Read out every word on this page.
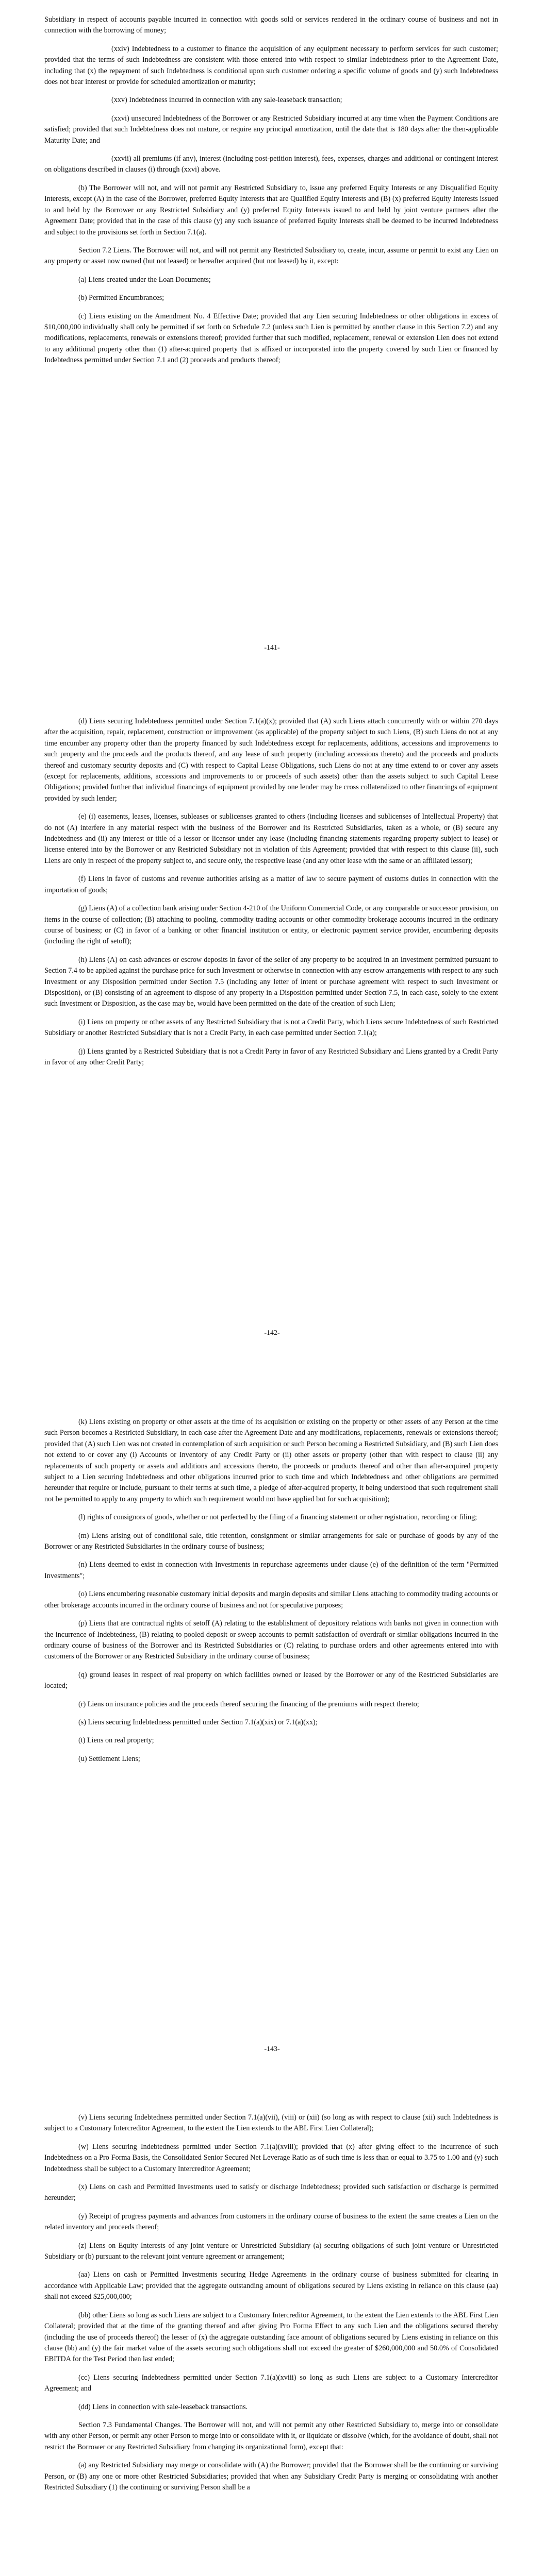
Subsidiary in respect of accounts payable incurred in connection with goods sold or services rendered in the ordinary course of business and not in connection with the borrowing of money;

(xxiv) Indebtedness to a customer to finance the acquisition of any equipment necessary to perform services for such customer; provided that the terms of such Indebtedness are consistent with those entered into with respect to similar Indebtedness prior to the Agreement Date, including that (x) the repayment of such Indebtedness is conditional upon such customer ordering a specific volume of goods and (y) such Indebtedness does not bear interest or provide for scheduled amortization or maturity;

(xxv) Indebtedness incurred in connection with any sale-leaseback transaction;

(xxvi) unsecured Indebtedness of the Borrower or any Restricted Subsidiary incurred at any time when the Payment Conditions are satisfied; provided that such Indebtedness does not mature, or require any principal amortization, until the date that is 180 days after the then-applicable Maturity Date; and

(xxvii) all premiums (if any), interest (including post-petition interest), fees, expenses, charges and additional or contingent interest on obligations described in clauses (i) through (xxvi) above.

(b) The Borrower will not, and will not permit any Restricted Subsidiary to, issue any preferred Equity Interests or any Disqualified Equity Interests, except (A) in the case of the Borrower, preferred Equity Interests that are Qualified Equity Interests and (B) (x) preferred Equity Interests issued to and held by the Borrower or any Restricted Subsidiary and (y) preferred Equity Interests issued to and held by joint venture partners after the Agreement Date; provided that in the case of this clause (y) any such issuance of preferred Equity Interests shall be deemed to be incurred Indebtedness and subject to the provisions set forth in Section 7.1(a).

Section 7.2 Liens. The Borrower will not, and will not permit any Restricted Subsidiary to, create, incur, assume or permit to exist any Lien on any property or asset now owned (but not leased) or hereafter acquired (but not leased) by it, except:

(a) Liens created under the Loan Documents;

(b) Permitted Encumbrances;

(c) Liens existing on the Amendment No. 4 Effective Date; provided that any Lien securing Indebtedness or other obligations in excess of $10,000,000 individually shall only be permitted if set forth on Schedule 7.2 (unless such Lien is permitted by another clause in this Section 7.2) and any modifications, replacements, renewals or extensions thereof; provided further that such modified, replacement, renewal or extension Lien does not extend to any additional property other than (1) after-acquired property that is affixed or incorporated into the property covered by such Lien or financed by Indebtedness permitted under Section 7.1 and (2) proceeds and products thereof;

-141-

(d) Liens securing Indebtedness permitted under Section 7.1(a)(x); provided that (A) such Liens attach concurrently with or within 270 days after the acquisition, repair, replacement, construction or improvement (as applicable) of the property subject to such Liens, (B) such Liens do not at any time encumber any property other than the property financed by such Indebtedness except for replacements, additions, accessions and improvements to such property and the proceeds and the products thereof, and any lease of such property (including accessions thereto) and the proceeds and products thereof and customary security deposits and (C) with respect to Capital Lease Obligations, such Liens do not at any time extend to or cover any assets (except for replacements, additions, accessions and improvements to or proceeds of such assets) other than the assets subject to such Capital Lease Obligations; provided further that individual financings of equipment provided by one lender may be cross collateralized to other financings of equipment provided by such lender;

(e) (i) easements, leases, licenses, subleases or sublicenses granted to others (including licenses and sublicenses of Intellectual Property) that do not (A) interfere in any material respect with the business of the Borrower and its Restricted Subsidiaries, taken as a whole, or (B) secure any Indebtedness and (ii) any interest or title of a lessor or licensor under any lease (including financing statements regarding property subject to lease) or license entered into by the Borrower or any Restricted Subsidiary not in violation of this Agreement; provided that with respect to this clause (ii), such Liens are only in respect of the property subject to, and secure only, the respective lease (and any other lease with the same or an affiliated lessor);

(f) Liens in favor of customs and revenue authorities arising as a matter of law to secure payment of customs duties in connection with the importation of goods;

(g) Liens (A) of a collection bank arising under Section 4-210 of the Uniform Commercial Code, or any comparable or successor provision, on items in the course of collection; (B) attaching to pooling, commodity trading accounts or other commodity brokerage accounts incurred in the ordinary course of business; or (C) in favor of a banking or other financial institution or entity, or electronic payment service provider, encumbering deposits (including the right of setoff);

(h) Liens (A) on cash advances or escrow deposits in favor of the seller of any property to be acquired in an Investment permitted pursuant to Section 7.4 to be applied against the purchase price for such Investment or otherwise in connection with any escrow arrangements with respect to any such Investment or any Disposition permitted under Section 7.5 (including any letter of intent or purchase agreement with respect to such Investment or Disposition), or (B) consisting of an agreement to dispose of any property in a Disposition permitted under Section 7.5, in each case, solely to the extent such Investment or Disposition, as the case may be, would have been permitted on the date of the creation of such Lien;

(i) Liens on property or other assets of any Restricted Subsidiary that is not a Credit Party, which Liens secure Indebtedness of such Restricted Subsidiary or another Restricted Subsidiary that is not a Credit Party, in each case permitted under Section 7.1(a);

(j) Liens granted by a Restricted Subsidiary that is not a Credit Party in favor of any Restricted Subsidiary and Liens granted by a Credit Party in favor of any other Credit Party;

-142-

(k) Liens existing on property or other assets at the time of its acquisition or existing on the property or other assets of any Person at the time such Person becomes a Restricted Subsidiary, in each case after the Agreement Date and any modifications, replacements, renewals or extensions thereof; provided that (A) such Lien was not created in contemplation of such acquisition or such Person becoming a Restricted Subsidiary, and (B) such Lien does not extend to or cover any (i) Accounts or Inventory of any Credit Party or (ii) other assets or property (other than with respect to clause (ii) any replacements of such property or assets and additions and accessions thereto, the proceeds or products thereof and other than after-acquired property subject to a Lien securing Indebtedness and other obligations incurred prior to such time and which Indebtedness and other obligations are permitted hereunder that require or include, pursuant to their terms at such time, a pledge of after-acquired property, it being understood that such requirement shall not be permitted to apply to any property to which such requirement would not have applied but for such acquisition);

(l) rights of consignors of goods, whether or not perfected by the filing of a financing statement or other registration, recording or filing;

(m) Liens arising out of conditional sale, title retention, consignment or similar arrangements for sale or purchase of goods by any of the Borrower or any Restricted Subsidiaries in the ordinary course of business;

(n) Liens deemed to exist in connection with Investments in repurchase agreements under clause (e) of the definition of the term "Permitted Investments";

(o) Liens encumbering reasonable customary initial deposits and margin deposits and similar Liens attaching to commodity trading accounts or other brokerage accounts incurred in the ordinary course of business and not for speculative purposes;

(p) Liens that are contractual rights of setoff (A) relating to the establishment of depository relations with banks not given in connection with the incurrence of Indebtedness, (B) relating to pooled deposit or sweep accounts to permit satisfaction of overdraft or similar obligations incurred in the ordinary course of business of the Borrower and its Restricted Subsidiaries or (C) relating to purchase orders and other agreements entered into with customers of the Borrower or any Restricted Subsidiary in the ordinary course of business;

(q) ground leases in respect of real property on which facilities owned or leased by the Borrower or any of the Restricted Subsidiaries are located;

(r) Liens on insurance policies and the proceeds thereof securing the financing of the premiums with respect thereto;

(s) Liens securing Indebtedness permitted under Section 7.1(a)(xix) or 7.1(a)(xx);

(t) Liens on real property;

(u) Settlement Liens;

-143-

(v) Liens securing Indebtedness permitted under Section 7.1(a)(vii), (viii) or (xii) (so long as with respect to clause (xii) such Indebtedness is subject to a Customary Intercreditor Agreement, to the extent the Lien extends to the ABL First Lien Collateral);

(w) Liens securing Indebtedness permitted under Section 7.1(a)(xviii); provided that (x) after giving effect to the incurrence of such Indebtedness on a Pro Forma Basis, the Consolidated Senior Secured Net Leverage Ratio as of such time is less than or equal to 3.75 to 1.00 and (y) such Indebtedness shall be subject to a Customary Intercreditor Agreement;

(x) Liens on cash and Permitted Investments used to satisfy or discharge Indebtedness; provided such satisfaction or discharge is permitted hereunder;

(y) Receipt of progress payments and advances from customers in the ordinary course of business to the extent the same creates a Lien on the related inventory and proceeds thereof;

(z) Liens on Equity Interests of any joint venture or Unrestricted Subsidiary (a) securing obligations of such joint venture or Unrestricted Subsidiary or (b) pursuant to the relevant joint venture agreement or arrangement;

(aa) Liens on cash or Permitted Investments securing Hedge Agreements in the ordinary course of business submitted for clearing in accordance with Applicable Law; provided that the aggregate outstanding amount of obligations secured by Liens existing in reliance on this clause (aa) shall not exceed $25,000,000;

(bb) other Liens so long as such Liens are subject to a Customary Intercreditor Agreement, to the extent the Lien extends to the ABL First Lien Collateral; provided that at the time of the granting thereof and after giving Pro Forma Effect to any such Lien and the obligations secured thereby (including the use of proceeds thereof) the lesser of (x) the aggregate outstanding face amount of obligations secured by Liens existing in reliance on this clause (bb) and (y) the fair market value of the assets securing such obligations shall not exceed the greater of $260,000,000 and 50.0% of Consolidated EBITDA for the Test Period then last ended;

(cc) Liens securing Indebtedness permitted under Section 7.1(a)(xviii) so long as such Liens are subject to a Customary Intercreditor Agreement; and

(dd) Liens in connection with sale-leaseback transactions.

Section 7.3 Fundamental Changes. The Borrower will not, and will not permit any other Restricted Subsidiary to, merge into or consolidate with any other Person, or permit any other Person to merge into or consolidate with it, or liquidate or dissolve (which, for the avoidance of doubt, shall not restrict the Borrower or any Restricted Subsidiary from changing its organizational form), except that:

(a) any Restricted Subsidiary may merge or consolidate with (A) the Borrower; provided that the Borrower shall be the continuing or surviving Person, or (B) any one or more other Restricted Subsidiaries; provided that when any Subsidiary Credit Party is merging or consolidating with another Restricted Subsidiary (1) the continuing or surviving Person shall be a
